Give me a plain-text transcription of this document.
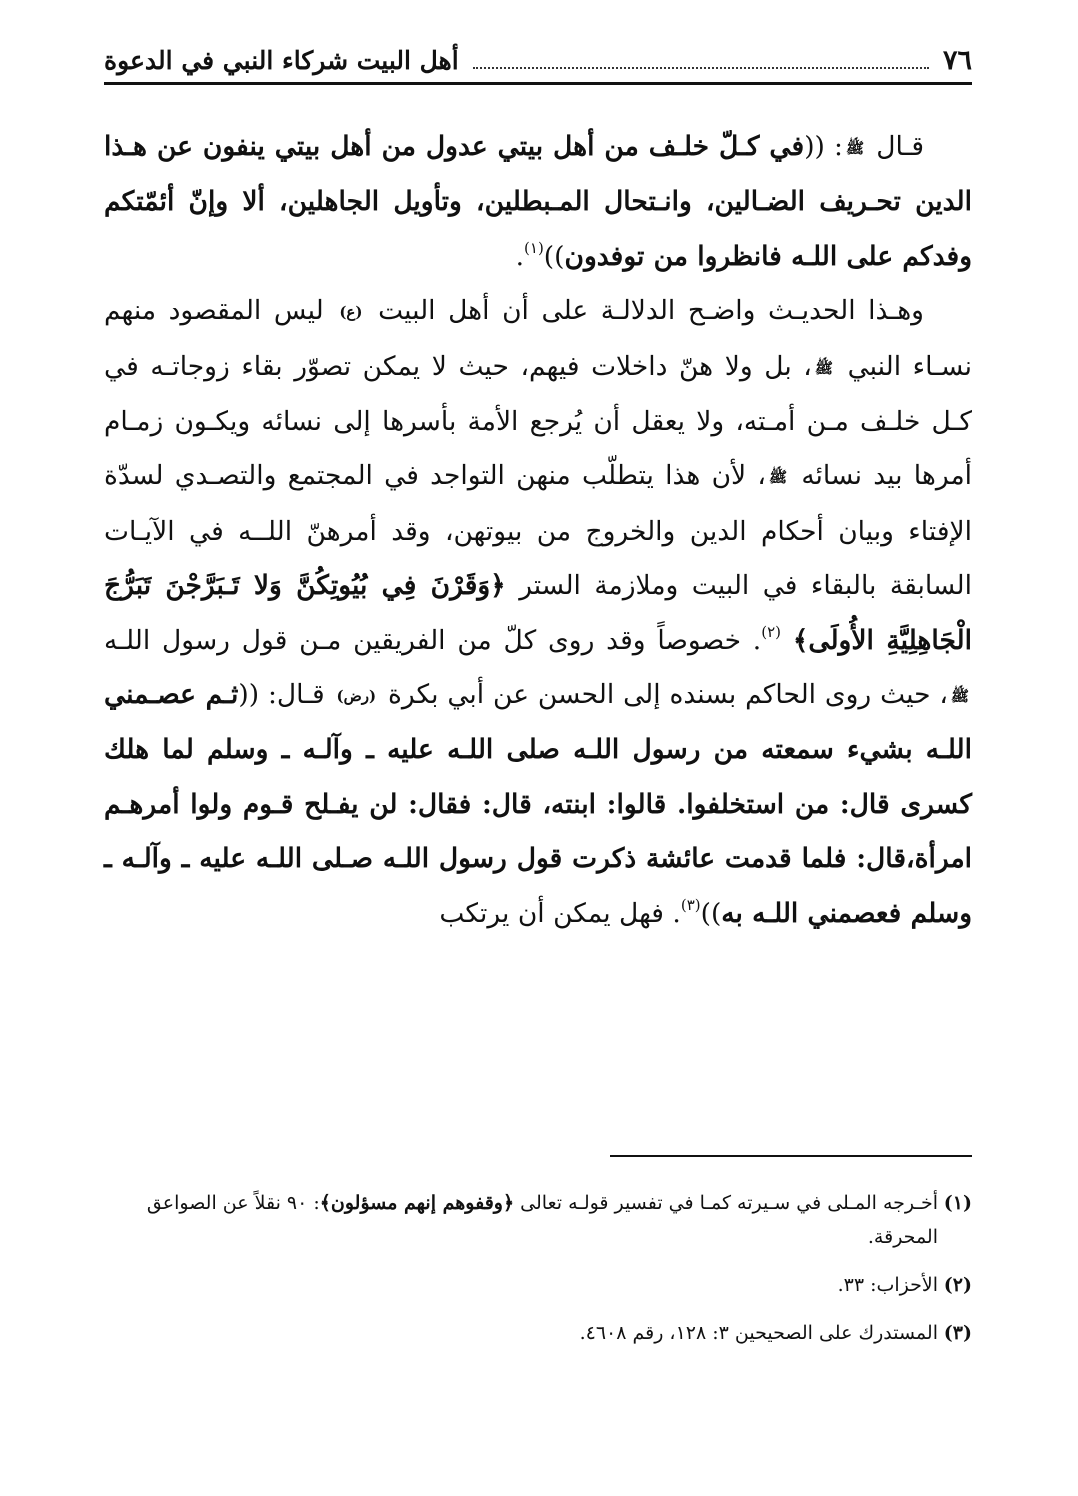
٧٦
أهل البيت شركاء النبي في الدعوة

قـال ﷺ: ((في كـلّ خلـف من أهل بيتي عدول من أهل بيتي ينفون عن هـذا الدين تحـريف الضـالين، وانـتحال المـبطلين، وتأويل الجاهلين، ألا وإنّ أئمّتكم وفدكم على اللـه فانظروا من توفدون))$^{(١)}$.

وهـذا الحديـث واضـح الدلالـة على أن أهل البيت (ع) ليس المقصود منهم نسـاء النبي ﷺ، بل ولا هنّ داخلات فيهم، حيث لا يمكن تصوّر بقاء زوجاتـه في كـل خلـف مـن أمـته، ولا يعقل أن يُرجع الأمة بأسرها إلى نسائه ويكـون زمـام أمرها بيد نسائه ﷺ، لأن هذا يتطلّب منهن التواجد في المجتمع والتصـدي لسدّة الإفتاء وبيان أحكام الدين والخروج من بيوتهن، وقد أمرهنّ اللــه في الآيـات السابقة بالبقاء في البيت وملازمة الستر ﴿وَقَرْنَ فِي بُيُوتِكُنَّ وَلا تَـبَرَّجْنَ تَبَرُّجَ الْجَاهِلِيَّةِ الأُولَى﴾ $^{(٢)}$. خصوصاً وقد روى كلّ من الفريقين مـن قول رسول اللـه ﷺ، حيث روى الحاكم بسنده إلى الحسن عن أبي بكرة (رض) قـال: ((ثـم عصـمني اللـه بشيء سمعته من رسول اللـه صلى اللـه عليه ـ وآلـه ـ وسلم لما هلك كسرى قال: من استخلفوا. قالوا: ابنته، قال: فقال: لن يفـلح قـوم ولوا أمرهـم امرأة،قال: فلما قدمت عائشة ذكرت قول رسول اللـه صـلى اللـه عليه ـ وآلـه ـ وسلم فعصمني اللـه به))$^{(٣)}$. فهل يمكن أن يرتكب

(١)أخـرجه المـلى في سـيرته كمـا في تفسير قولـه تعالى ﴿وقفوهم إنهم مسؤلون﴾: ٩٠ نقلاً عن الصواعق المحرقة.

(٢)الأحزاب: ٣٣.

(٣)المستدرك على الصحيحين ٣: ١٢٨، رقم ٤٦٠٨.
